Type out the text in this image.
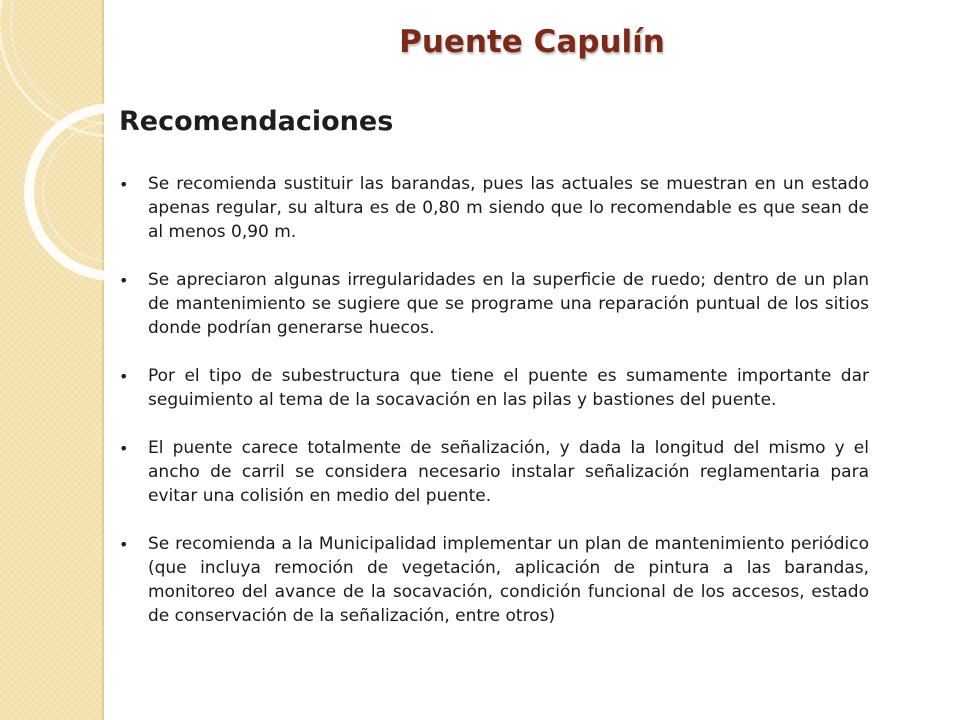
Puente Capulín
Recomendaciones
• Se recomienda sustituir las barandas, pues las actuales se muestran en un estado apenas regular, su altura es de 0,80 m siendo que lo recomendable es que sean de al menos 0,90 m.
• Se apreciaron algunas irregularidades en la superficie de ruedo; dentro de un plan de mantenimiento se sugiere que se programe una reparación puntual de los sitios donde podrían generarse huecos.
• Por el tipo de subestructura que tiene el puente es sumamente importante dar seguimiento al tema de la socavación en las pilas y bastiones del puente.
• El puente carece totalmente de señalización, y dada la longitud del mismo y el ancho de carril se considera necesario instalar señalización reglamentaria para evitar una colisión en medio del puente.
• Se recomienda a la Municipalidad implementar un plan de mantenimiento periódico (que incluya remoción de vegetación, aplicación de pintura a las barandas, monitoreo del avance de la socavación, condición funcional de los accesos, estado de conservación de la señalización, entre otros)
